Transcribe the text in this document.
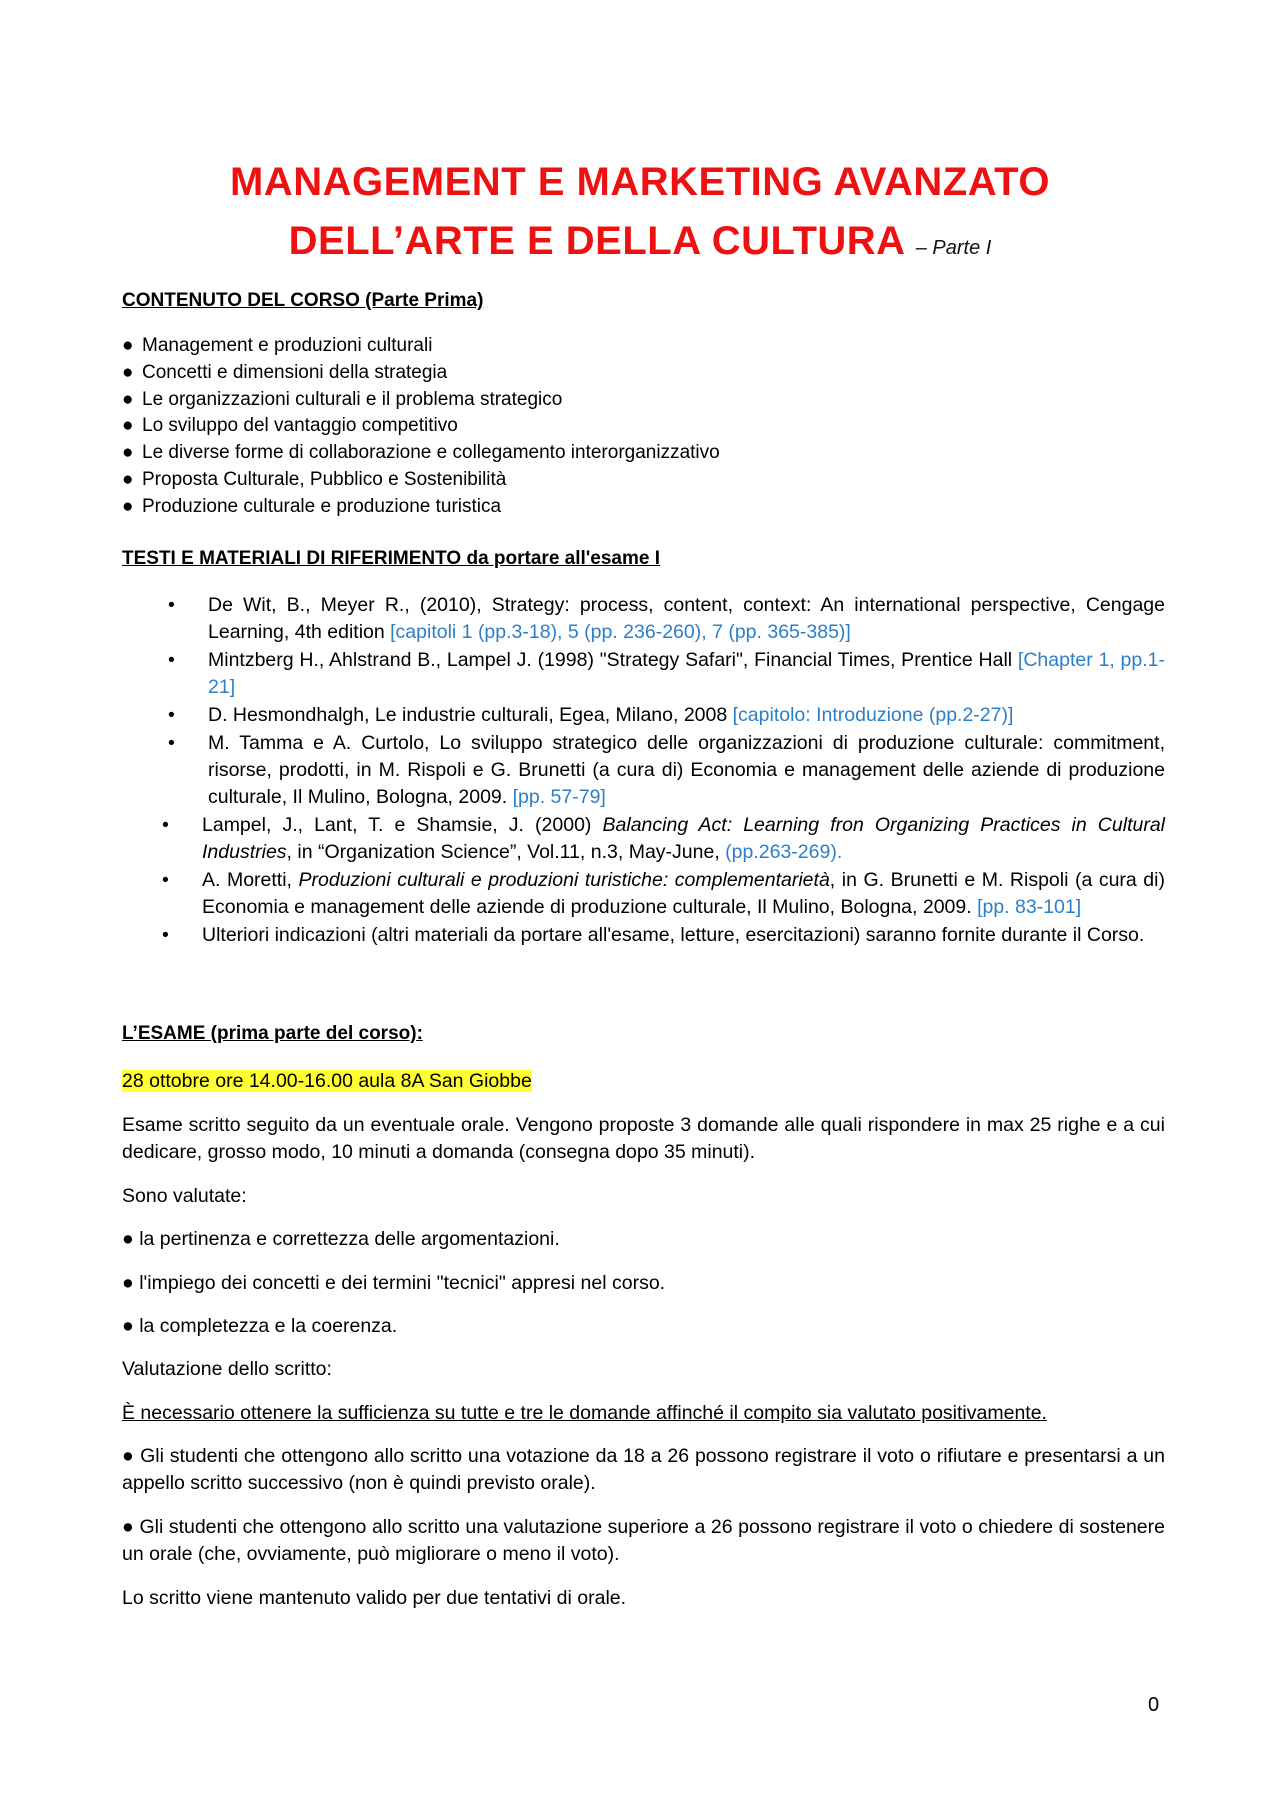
MANAGEMENT E MARKETING AVANZATO
DELL’ARTE E DELLA CULTURA – Parte I
CONTENUTO DEL CORSO (Parte Prima)
● Management e produzioni culturali
● Concetti e dimensioni della strategia
● Le organizzazioni culturali e il problema strategico
● Lo sviluppo del vantaggio competitivo
● Le diverse forme di collaborazione e collegamento interorganizzativo
● Proposta Culturale, Pubblico e Sostenibilità
● Produzione culturale e produzione turistica
TESTI E MATERIALI DI RIFERIMENTO da portare all'esame I
• De Wit, B., Meyer R., (2010), Strategy: process, content, context: An international perspective, Cengage Learning, 4th edition [capitoli 1 (pp.3-18), 5 (pp. 236-260), 7 (pp. 365-385)]
• Mintzberg H., Ahlstrand B., Lampel J. (1998) "Strategy Safari", Financial Times, Prentice Hall [Chapter 1, pp.1-21]
• D. Hesmondhalgh, Le industrie culturali, Egea, Milano, 2008 [capitolo: Introduzione (pp.2-27)]
• M. Tamma e A. Curtolo, Lo sviluppo strategico delle organizzazioni di produzione culturale: commitment, risorse, prodotti, in M. Rispoli e G. Brunetti (a cura di) Economia e management delle aziende di produzione culturale, Il Mulino, Bologna, 2009. [pp. 57-79]
• Lampel, J., Lant, T. e Shamsie, J. (2000) Balancing Act: Learning fron Organizing Practices in Cultural Industries, in “Organization Science”, Vol.11, n.3, May-June, (pp.263-269).
• A. Moretti, Produzioni culturali e produzioni turistiche: complementarietà, in G. Brunetti e M. Rispoli (a cura di) Economia e management delle aziende di produzione culturale, Il Mulino, Bologna, 2009. [pp. 83-101]
• Ulteriori indicazioni (altri materiali da portare all'esame, letture, esercitazioni) saranno fornite durante il Corso.
L’ESAME (prima parte del corso):
28 ottobre ore 14.00-16.00 aula 8A San Giobbe
Esame scritto seguito da un eventuale orale. Vengono proposte 3 domande alle quali rispondere in max 25 righe e a cui dedicare, grosso modo, 10 minuti a domanda (consegna dopo 35 minuti).
Sono valutate:
● la pertinenza e correttezza delle argomentazioni.
● l'impiego dei concetti e dei termini "tecnici" appresi nel corso.
● la completezza e la coerenza.
Valutazione dello scritto:
È necessario ottenere la sufficienza su tutte e tre le domande affinché il compito sia valutato positivamente.
● Gli studenti che ottengono allo scritto una votazione da 18 a 26 possono registrare il voto o rifiutare e presentarsi a un appello scritto successivo (non è quindi previsto orale).
● Gli studenti che ottengono allo scritto una valutazione superiore a 26 possono registrare il voto o chiedere di sostenere un orale (che, ovviamente, può migliorare o meno il voto).
Lo scritto viene mantenuto valido per due tentativi di orale.
0
